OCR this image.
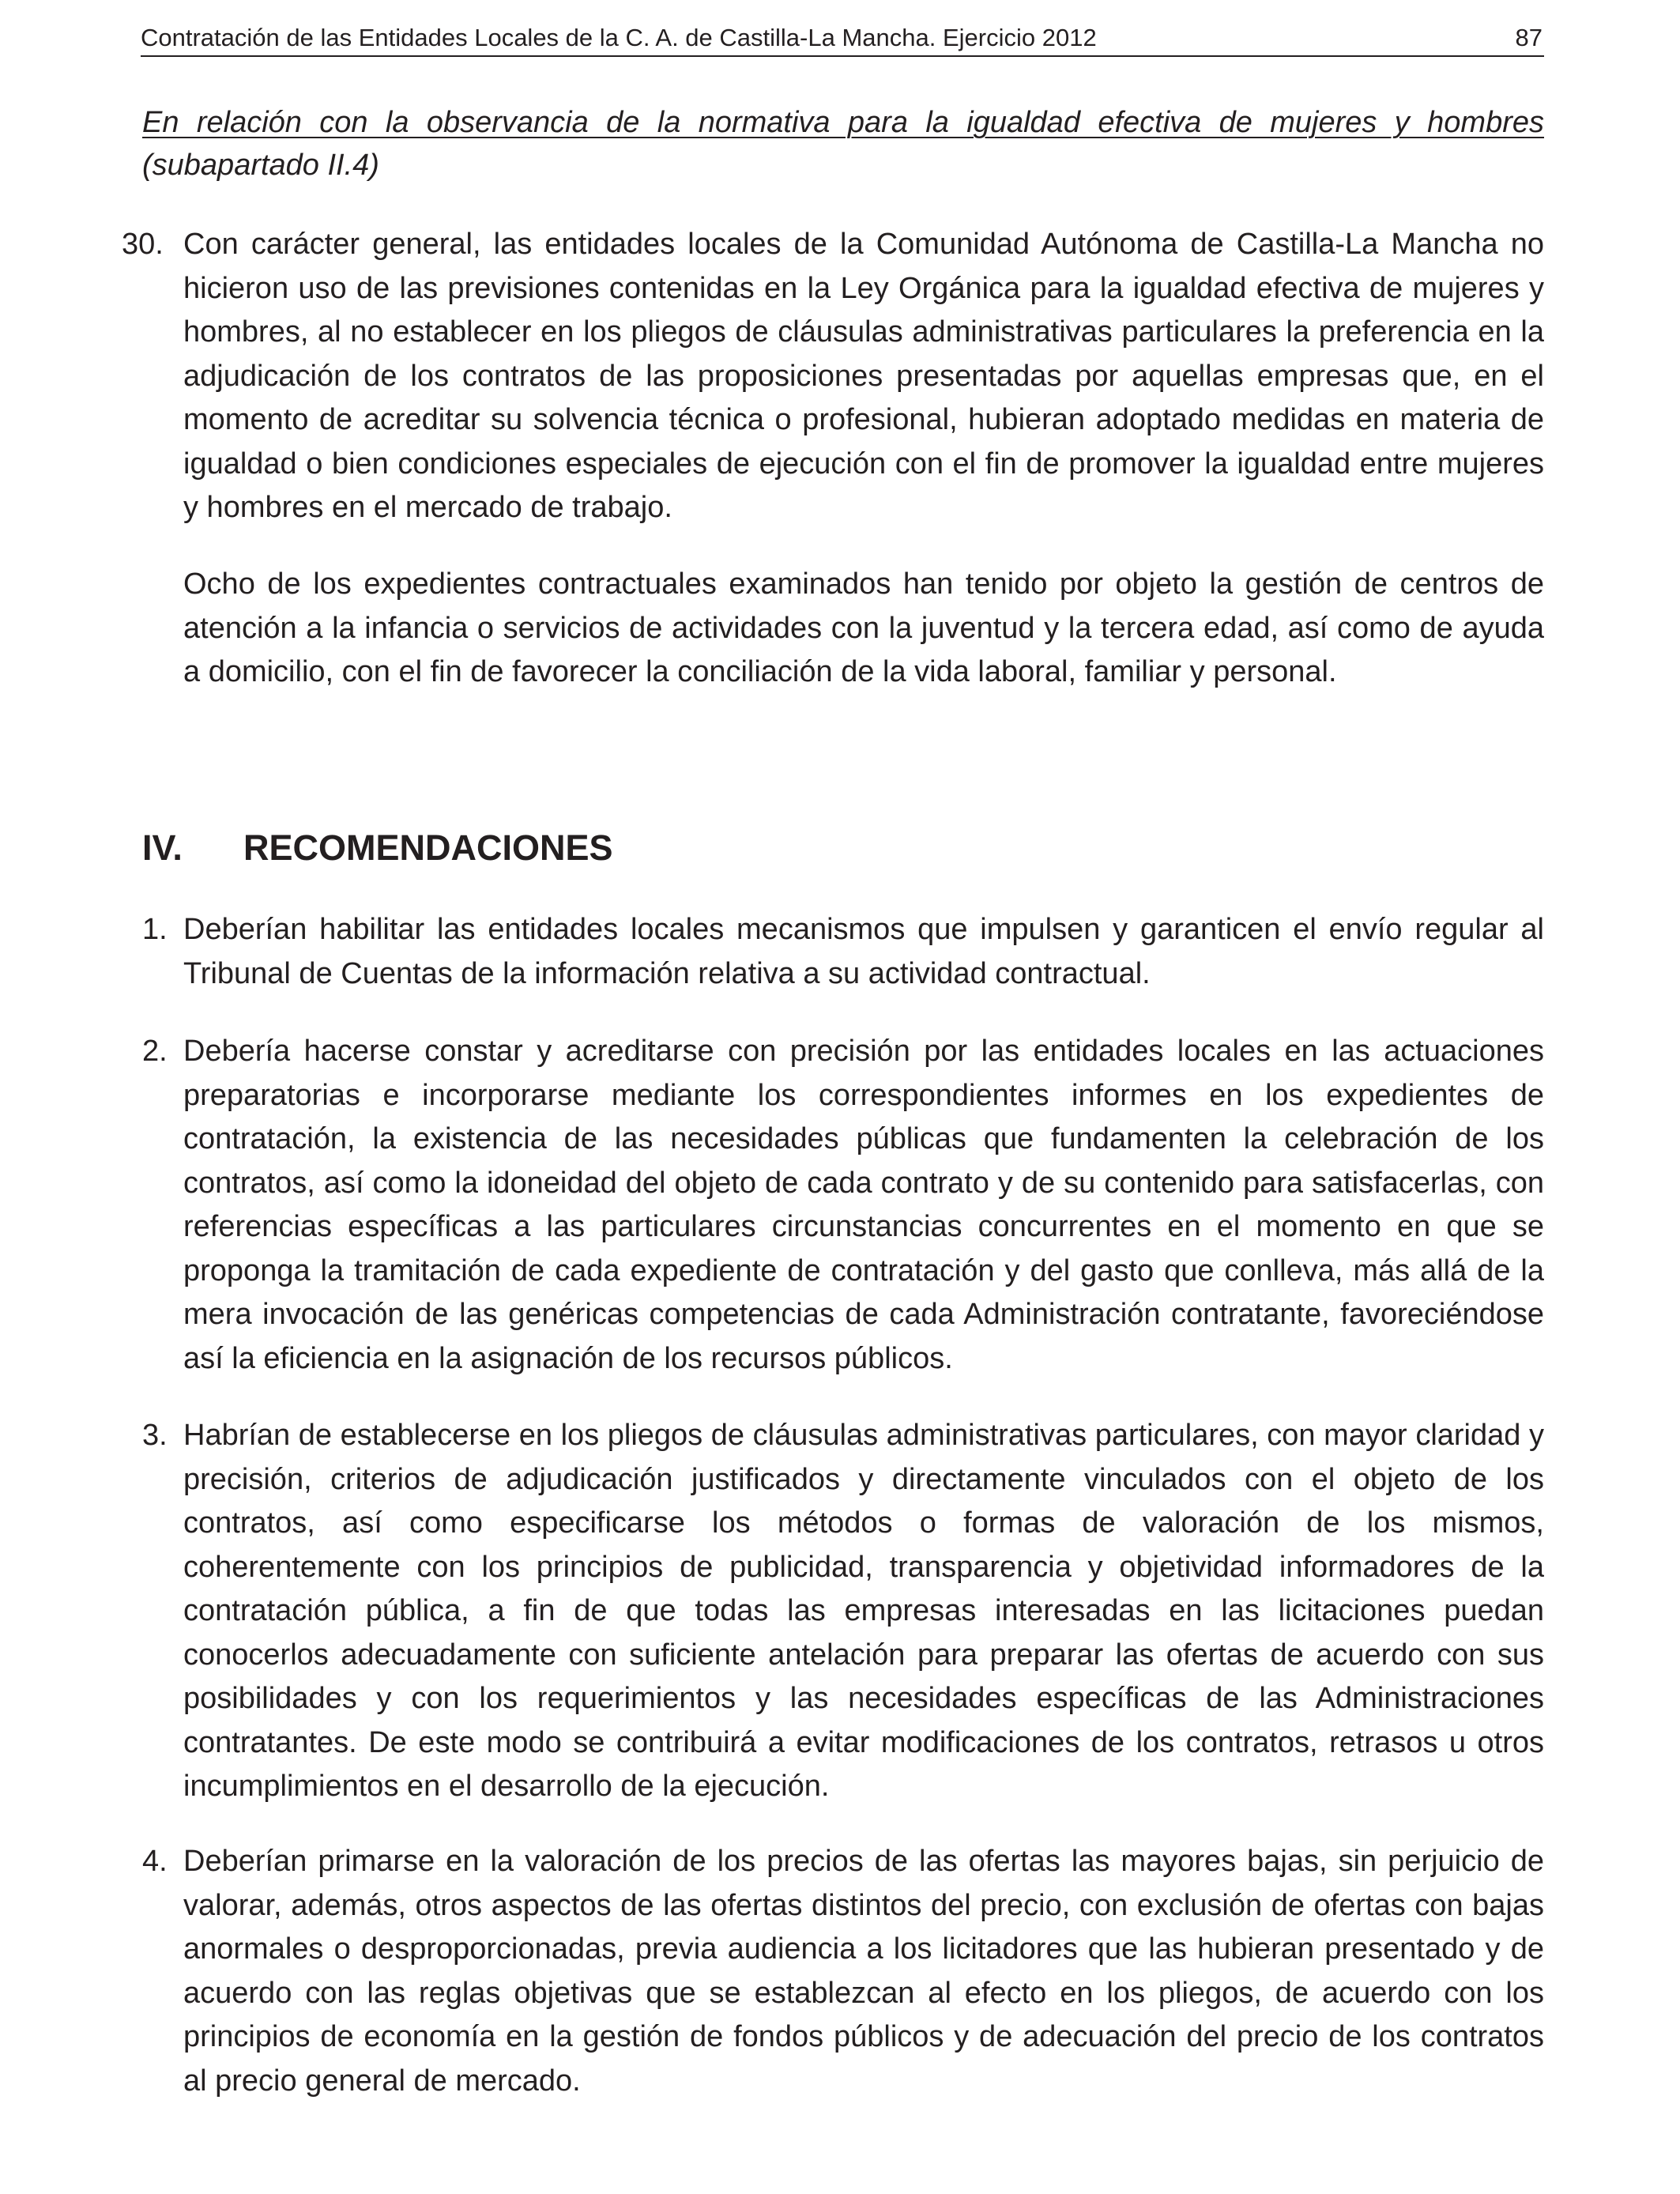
Contratación de las Entidades Locales de la C. A. de Castilla-La Mancha. Ejercicio 2012	87
En relación con la observancia de la normativa para la igualdad efectiva de mujeres y hombres (subapartado II.4)
30. Con carácter general, las entidades locales de la Comunidad Autónoma de Castilla-La Mancha no hicieron uso de las previsiones contenidas en la Ley Orgánica para la igualdad efectiva de mujeres y hombres, al no establecer en los pliegos de cláusulas administrativas particulares la preferencia en la adjudicación de los contratos de las proposiciones presentadas por aquellas empresas que, en el momento de acreditar su solvencia técnica o profesional, hubieran adoptado medidas en materia de igualdad o bien condiciones especiales de ejecución con el fin de promover la igualdad entre mujeres y hombres en el mercado de trabajo.
Ocho de los expedientes contractuales examinados han tenido por objeto la gestión de centros de atención a la infancia o servicios de actividades con la juventud y la tercera edad, así como de ayuda a domicilio, con el fin de favorecer la conciliación de la vida laboral, familiar y personal.
IV. RECOMENDACIONES
1. Deberían habilitar las entidades locales mecanismos que impulsen y garanticen el envío regular al Tribunal de Cuentas de la información relativa a su actividad contractual.
2. Debería hacerse constar y acreditarse con precisión por las entidades locales en las actuaciones preparatorias e incorporarse mediante los correspondientes informes en los expedientes de contratación, la existencia de las necesidades públicas que fundamenten la celebración de los contratos, así como la idoneidad del objeto de cada contrato y de su contenido para satisfacerlas, con referencias específicas a las particulares circunstancias concurrentes en el momento en que se proponga la tramitación de cada expediente de contratación y del gasto que conlleva, más allá de la mera invocación de las genéricas competencias de cada Administración contratante, favoreciéndose así la eficiencia en la asignación de los recursos públicos.
3. Habrían de establecerse en los pliegos de cláusulas administrativas particulares, con mayor claridad y precisión, criterios de adjudicación justificados y directamente vinculados con el objeto de los contratos, así como especificarse los métodos o formas de valoración de los mismos, coherentemente con los principios de publicidad, transparencia y objetividad informadores de la contratación pública, a fin de que todas las empresas interesadas en las licitaciones puedan conocerlos adecuadamente con suficiente antelación para preparar las ofertas de acuerdo con sus posibilidades y con los requerimientos y las necesidades específicas de las Administraciones contratantes. De este modo se contribuirá a evitar modificaciones de los contratos, retrasos u otros incumplimientos en el desarrollo de la ejecución.
4. Deberían primarse en la valoración de los precios de las ofertas las mayores bajas, sin perjuicio de valorar, además, otros aspectos de las ofertas distintos del precio, con exclusión de ofertas con bajas anormales o desproporcionadas, previa audiencia a los licitadores que las hubieran presentado y de acuerdo con las reglas objetivas que se establezcan al efecto en los pliegos, de acuerdo con los principios de economía en la gestión de fondos públicos y de adecuación del precio de los contratos al precio general de mercado.
